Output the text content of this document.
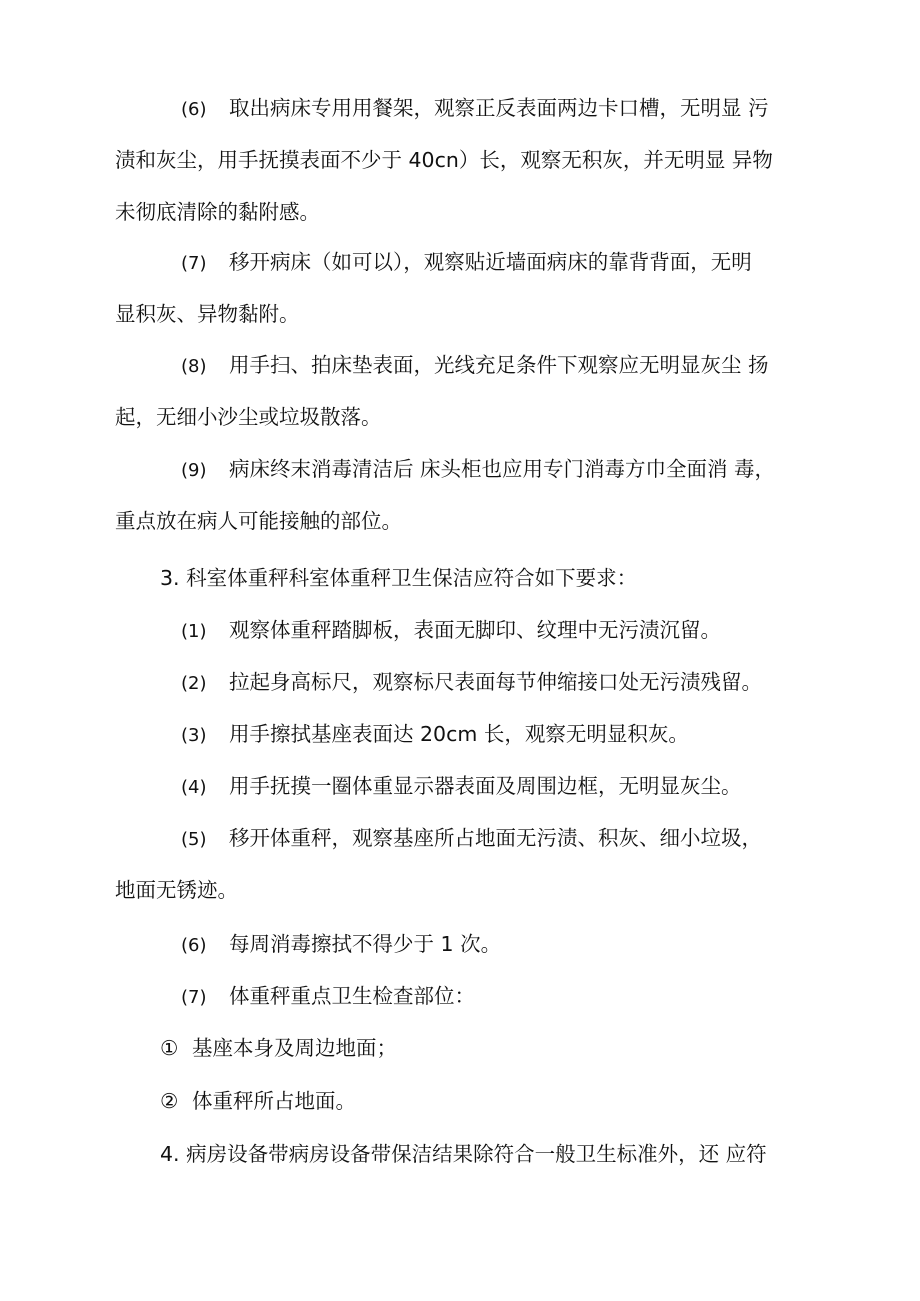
(6) 取出病床专用用餐架，观察正反表面两边卡口槽，无明显 污
渍和灰尘，用手抚摸表面不少于 40cn）长，观察无积灰，并无明显 异物
未彻底清除的黏附感。
(7) 移开病床（如可以），观察贴近墙面病床的靠背背面，无明
显积灰、异物黏附。
(8) 用手扫、拍床垫表面，光线充足条件下观察应无明显灰尘 扬
起，无细小沙尘或垃圾散落。
(9) 病床终末消毒清洁后 床头柜也应用专门消毒方巾全面消 毒，
重点放在病人可能接触的部位。
3. 科室体重秤科室体重秤卫生保洁应符合如下要求：
(1) 观察体重秤踏脚板，表面无脚印、纹理中无污渍沉留。
(2) 拉起身高标尺，观察标尺表面每节伸缩接口处无污渍残留。
(3) 用手擦拭基座表面达 20cm 长，观察无明显积灰。
(4) 用手抚摸一圈体重显示器表面及周围边框，无明显灰尘。
(5) 移开体重秤，观察基座所占地面无污渍、积灰、细小垃圾，
地面无锈迹。
(6) 每周消毒擦拭不得少于 1 次。
(7) 体重秤重点卫生检查部位：
① 基座本身及周边地面；
② 体重秤所占地面。
4. 病房设备带病房设备带保洁结果除符合一般卫生标准外，还 应符
